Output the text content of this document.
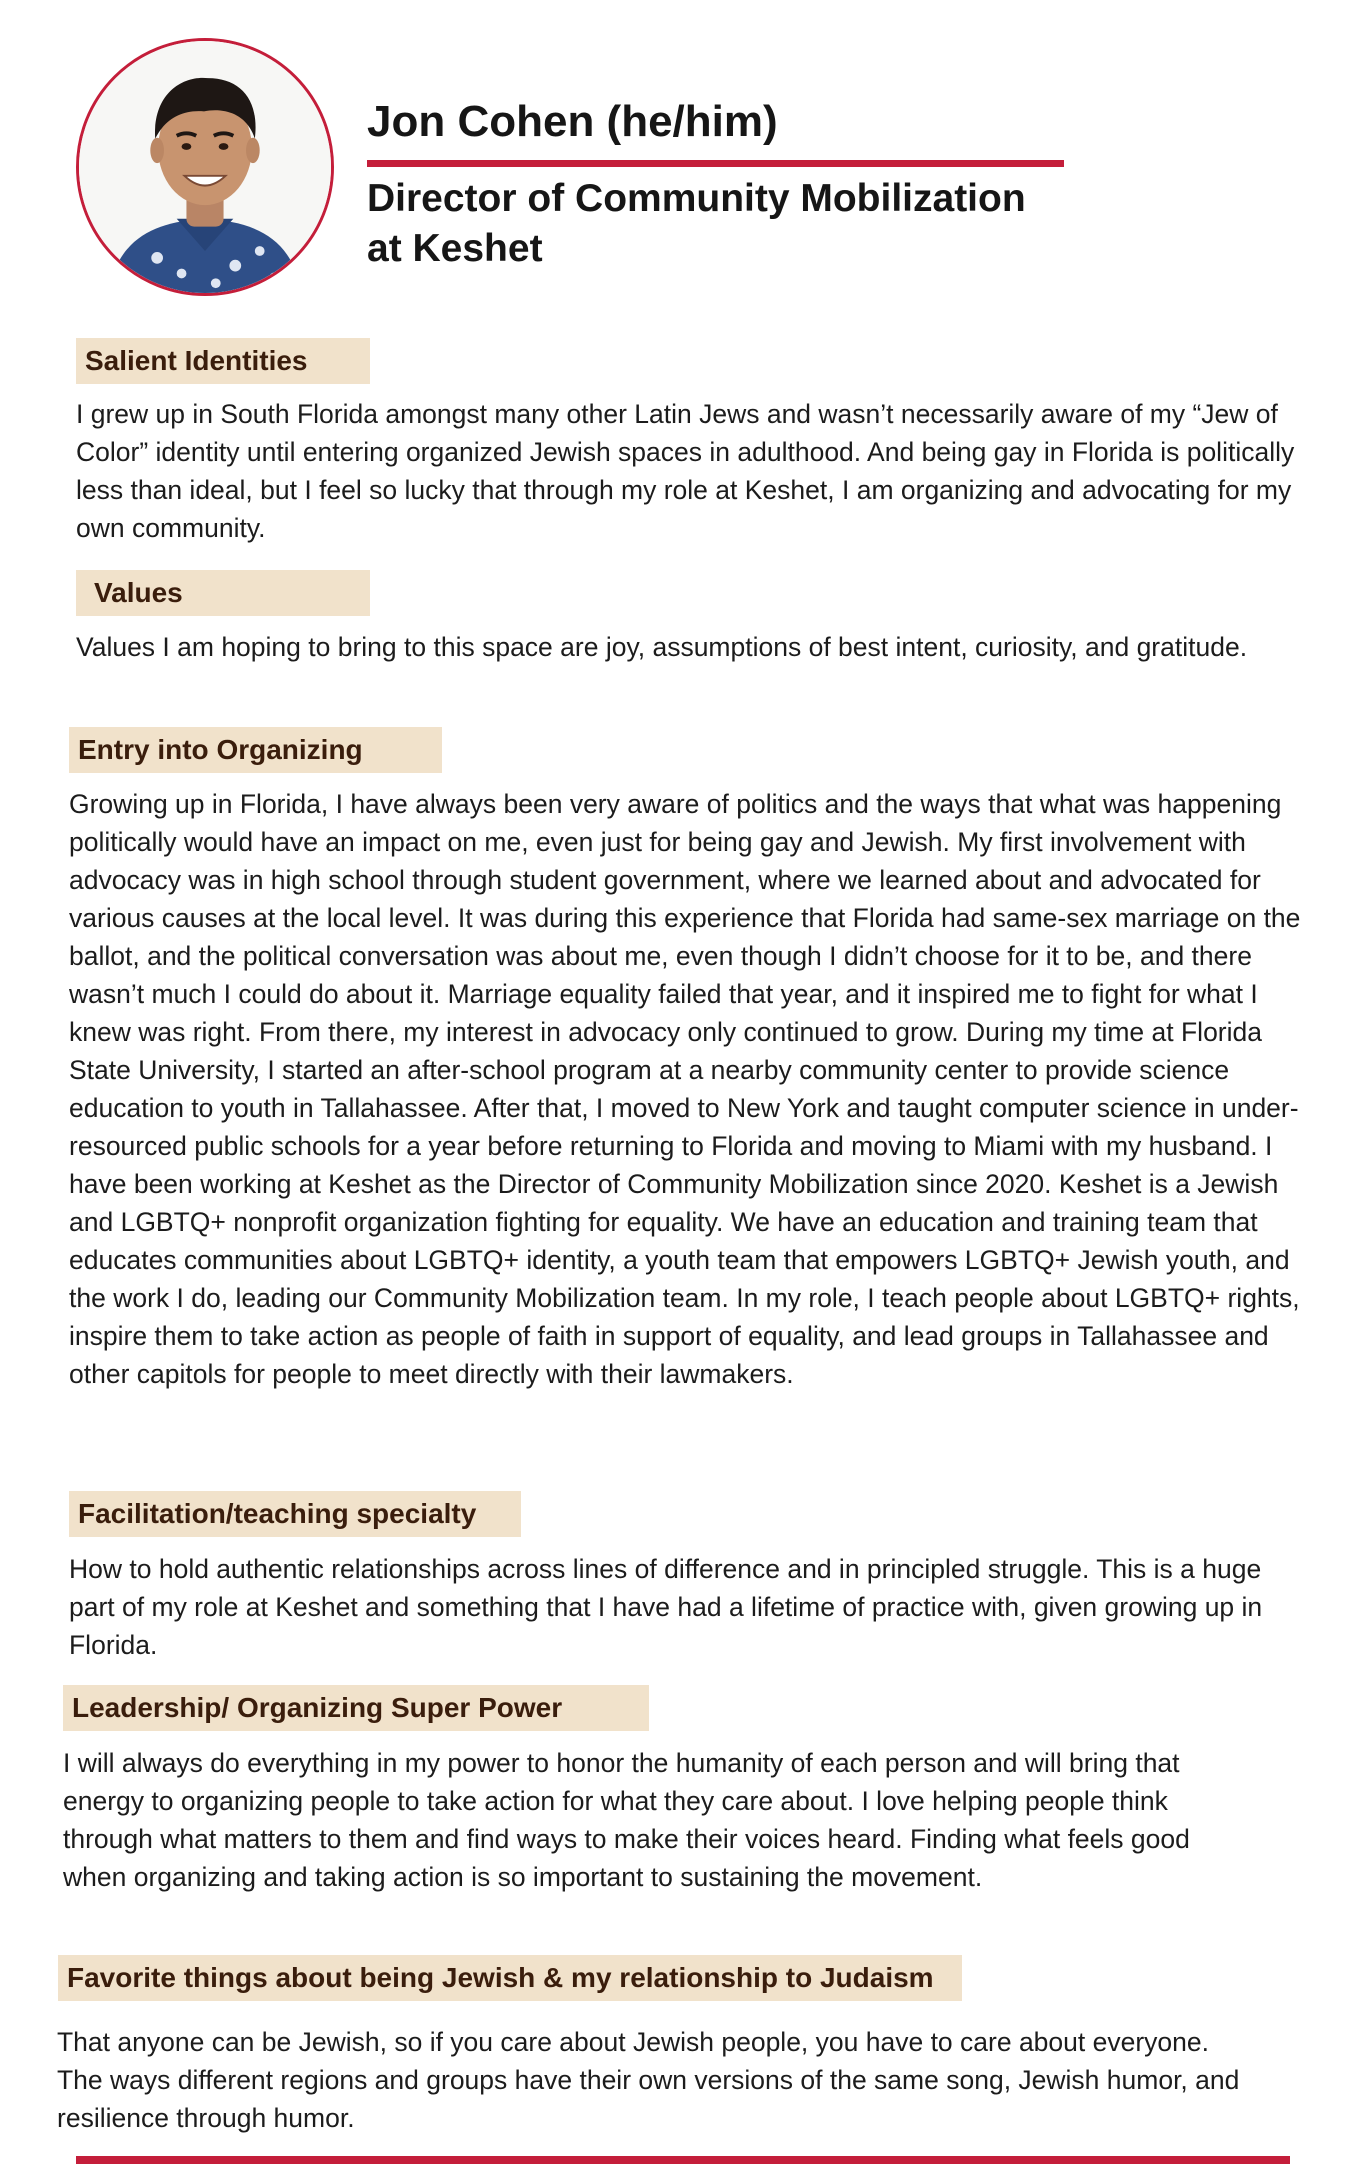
Jon Cohen (he/him)
Director of Community Mobilization at Keshet
Salient Identities

I grew up in South Florida amongst many other Latin Jews and wasn’t necessarily aware of my “Jew of Color” identity until entering organized Jewish spaces in adulthood. And being gay in Florida is politically less than ideal, but I feel so lucky that through my role at Keshet, I am organizing and advocating for my own community.

Values

Values I am hoping to bring to this space are joy, assumptions of best intent, curiosity, and gratitude.

Entry into Organizing

Growing up in Florida, I have always been very aware of politics and the ways that what was happening politically would have an impact on me, even just for being gay and Jewish. My first involvement with advocacy was in high school through student government, where we learned about and advocated for various causes at the local level. It was during this experience that Florida had same-sex marriage on the ballot, and the political conversation was about me, even though I didn’t choose for it to be, and there wasn’t much I could do about it. Marriage equality failed that year, and it inspired me to fight for what I knew was right. From there, my interest in advocacy only continued to grow. During my time at Florida State University, I started an after-school program at a nearby community center to provide science education to youth in Tallahassee. After that, I moved to New York and taught computer science in under-resourced public schools for a year before returning to Florida and moving to Miami with my husband. I have been working at Keshet as the Director of Community Mobilization since 2020. Keshet is a Jewish and LGBTQ+ nonprofit organization fighting for equality. We have an education and training team that educates communities about LGBTQ+ identity, a youth team that empowers LGBTQ+ Jewish youth, and the work I do, leading our Community Mobilization team. In my role, I teach people about LGBTQ+ rights, inspire them to take action as people of faith in support of equality, and lead groups in Tallahassee and other capitols for people to meet directly with their lawmakers.

Facilitation/teaching specialty

How to hold authentic relationships across lines of difference and in principled struggle. This is a huge part of my role at Keshet and something that I have had a lifetime of practice with, given growing up in Florida.

Leadership/ Organizing Super Power

I will always do everything in my power to honor the humanity of each person and will bring that energy to organizing people to take action for what they care about. I love helping people think through what matters to them and find ways to make their voices heard. Finding what feels good when organizing and taking action is so important to sustaining the movement.

Favorite things about being Jewish & my relationship to Judaism

That anyone can be Jewish, so if you care about Jewish people, you have to care about everyone. The ways different regions and groups have their own versions of the same song, Jewish humor, and resilience through humor.
